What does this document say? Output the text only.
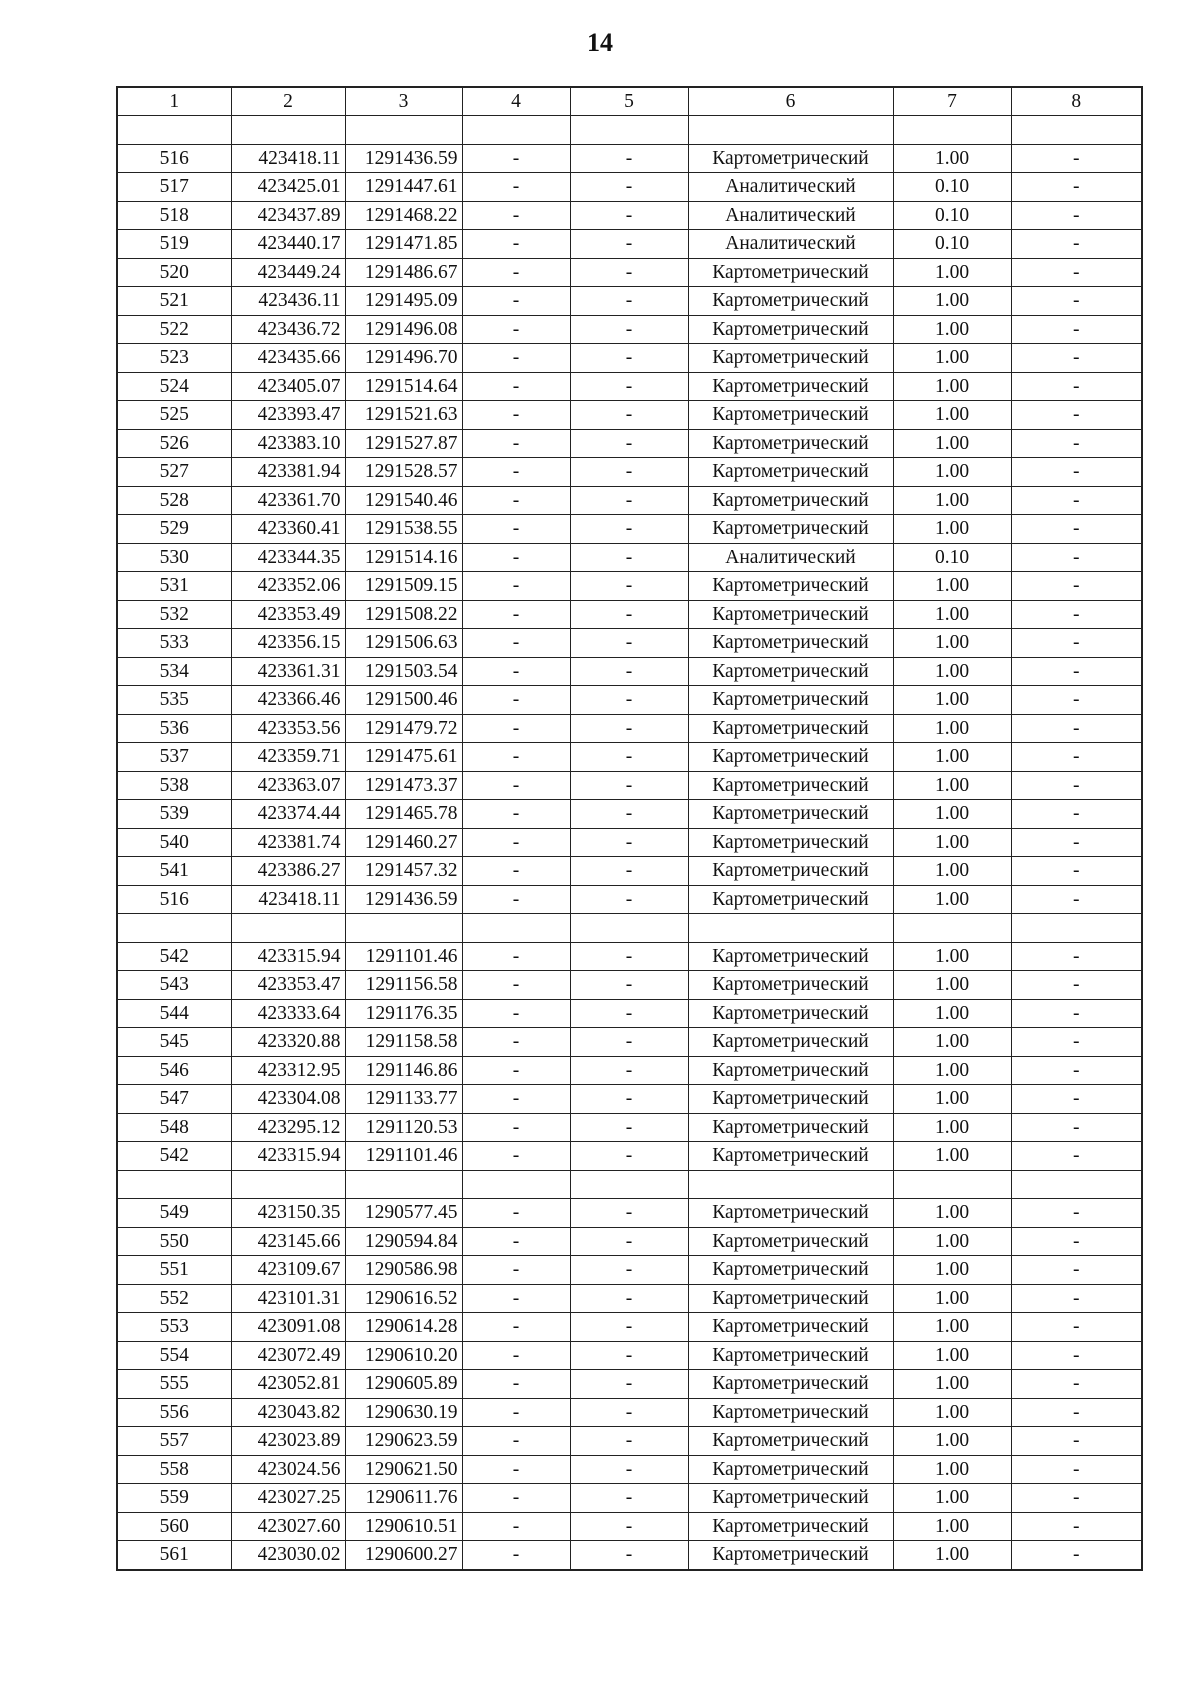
14
1	2	3	4	5	6	7	8

516	423418.11	1291436.59	-	-	Картометрический	1.00	-
517	423425.01	1291447.61	-	-	Аналитический	0.10	-
518	423437.89	1291468.22	-	-	Аналитический	0.10	-
519	423440.17	1291471.85	-	-	Аналитический	0.10	-
520	423449.24	1291486.67	-	-	Картометрический	1.00	-
521	423436.11	1291495.09	-	-	Картометрический	1.00	-
522	423436.72	1291496.08	-	-	Картометрический	1.00	-
523	423435.66	1291496.70	-	-	Картометрический	1.00	-
524	423405.07	1291514.64	-	-	Картометрический	1.00	-
525	423393.47	1291521.63	-	-	Картометрический	1.00	-
526	423383.10	1291527.87	-	-	Картометрический	1.00	-
527	423381.94	1291528.57	-	-	Картометрический	1.00	-
528	423361.70	1291540.46	-	-	Картометрический	1.00	-
529	423360.41	1291538.55	-	-	Картометрический	1.00	-
530	423344.35	1291514.16	-	-	Аналитический	0.10	-
531	423352.06	1291509.15	-	-	Картометрический	1.00	-
532	423353.49	1291508.22	-	-	Картометрический	1.00	-
533	423356.15	1291506.63	-	-	Картометрический	1.00	-
534	423361.31	1291503.54	-	-	Картометрический	1.00	-
535	423366.46	1291500.46	-	-	Картометрический	1.00	-
536	423353.56	1291479.72	-	-	Картометрический	1.00	-
537	423359.71	1291475.61	-	-	Картометрический	1.00	-
538	423363.07	1291473.37	-	-	Картометрический	1.00	-
539	423374.44	1291465.78	-	-	Картометрический	1.00	-
540	423381.74	1291460.27	-	-	Картометрический	1.00	-
541	423386.27	1291457.32	-	-	Картометрический	1.00	-
516	423418.11	1291436.59	-	-	Картометрический	1.00	-

542	423315.94	1291101.46	-	-	Картометрический	1.00	-
543	423353.47	1291156.58	-	-	Картометрический	1.00	-
544	423333.64	1291176.35	-	-	Картометрический	1.00	-
545	423320.88	1291158.58	-	-	Картометрический	1.00	-
546	423312.95	1291146.86	-	-	Картометрический	1.00	-
547	423304.08	1291133.77	-	-	Картометрический	1.00	-
548	423295.12	1291120.53	-	-	Картометрический	1.00	-
542	423315.94	1291101.46	-	-	Картометрический	1.00	-

549	423150.35	1290577.45	-	-	Картометрический	1.00	-
550	423145.66	1290594.84	-	-	Картометрический	1.00	-
551	423109.67	1290586.98	-	-	Картометрический	1.00	-
552	423101.31	1290616.52	-	-	Картометрический	1.00	-
553	423091.08	1290614.28	-	-	Картометрический	1.00	-
554	423072.49	1290610.20	-	-	Картометрический	1.00	-
555	423052.81	1290605.89	-	-	Картометрический	1.00	-
556	423043.82	1290630.19	-	-	Картометрический	1.00	-
557	423023.89	1290623.59	-	-	Картометрический	1.00	-
558	423024.56	1290621.50	-	-	Картометрический	1.00	-
559	423027.25	1290611.76	-	-	Картометрический	1.00	-
560	423027.60	1290610.51	-	-	Картометрический	1.00	-
561	423030.02	1290600.27	-	-	Картометрический	1.00	-
